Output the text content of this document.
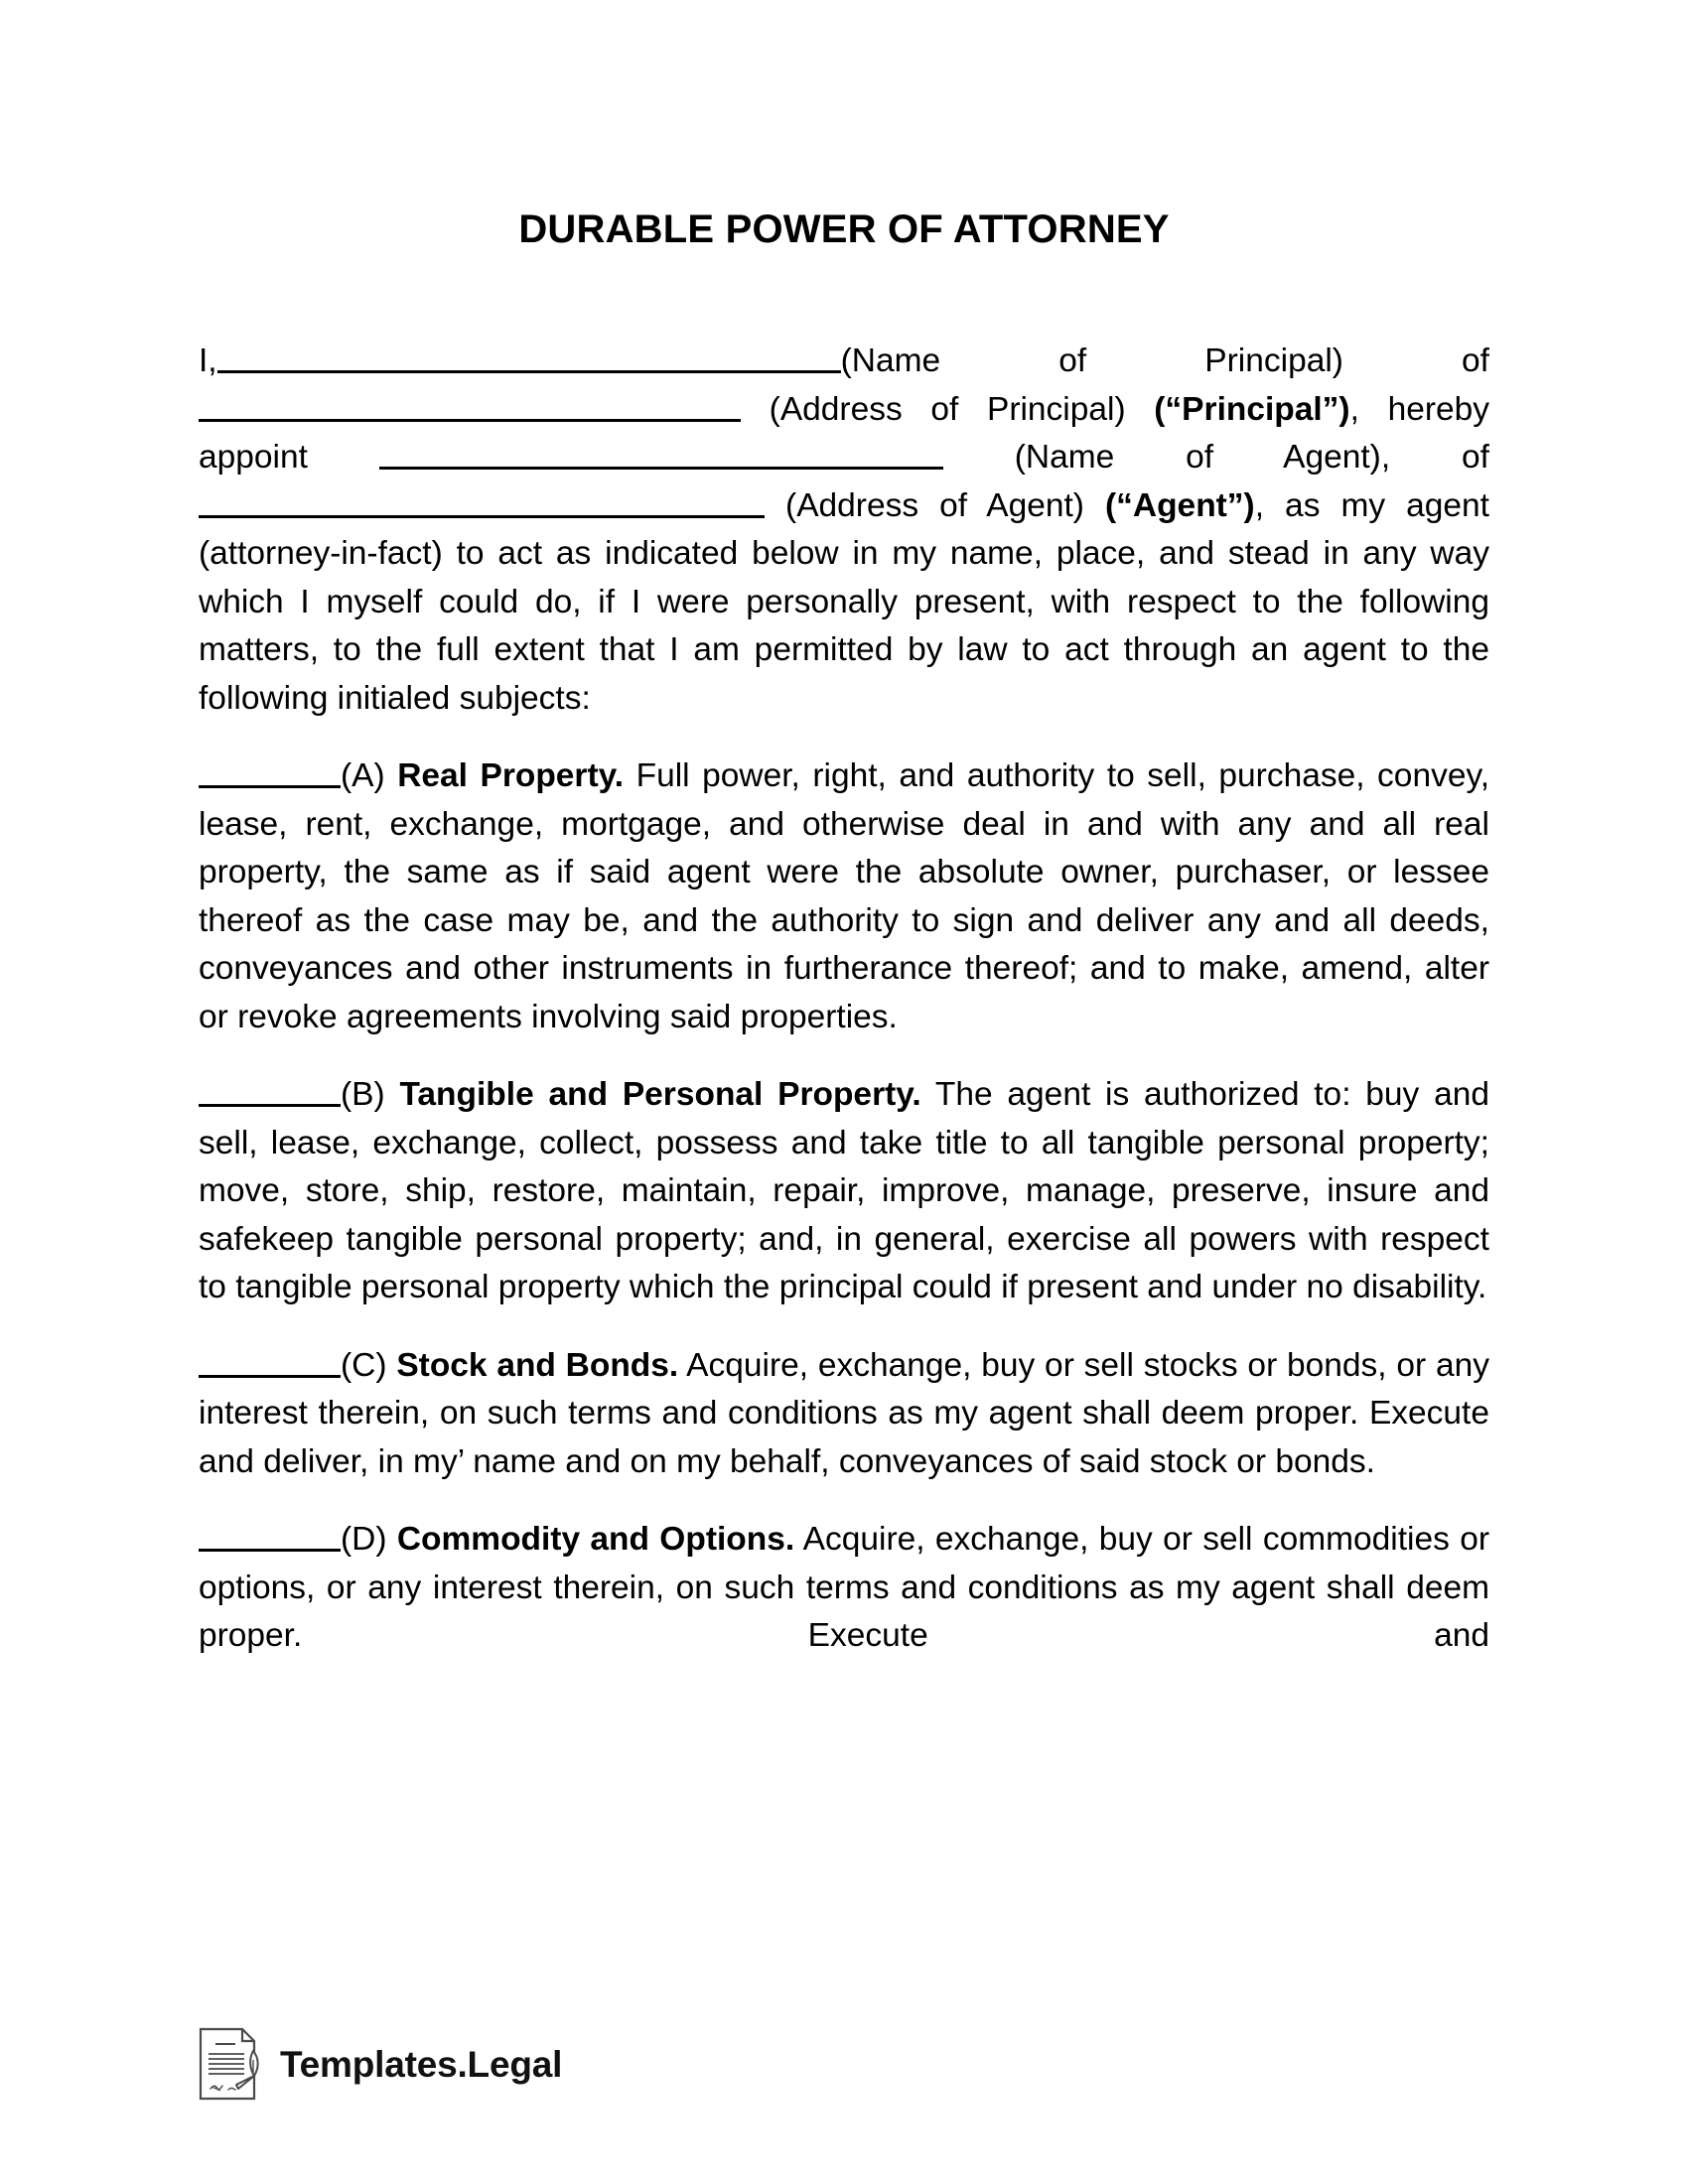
DURABLE POWER OF ATTORNEY

I,	(Name of Principal) of  (Address of Principal) (“Principal”), hereby appoint	(Name of Agent), of  (Address of Agent) (“Agent”), as my agent (attorney-in-fact) to act as indicated below in my name, place, and stead in any way which I myself could do, if I were personally present, with respect to the following matters, to the full extent that I am permitted by law to act through an agent to the following initialed subjects:

(A) Real Property. Full power, right, and authority to sell, purchase, convey, lease, rent, exchange, mortgage, and otherwise deal in and with any and all real property, the same as if said agent were the absolute owner, purchaser, or lessee thereof as the case may be, and the authority to sign and deliver any and all deeds, conveyances and other instruments in furtherance thereof; and to make, amend, alter or revoke agreements involving said properties.

(B) Tangible and Personal Property. The agent is authorized to: buy and sell, lease, exchange, collect, possess and take title to all tangible personal property; move, store, ship, restore, maintain, repair, improve, manage, preserve, insure and safekeep tangible personal property; and, in general, exercise all powers with respect to tangible personal property which the principal could if present and under no disability.

(C) Stock and Bonds. Acquire, exchange, buy or sell stocks or bonds, or any interest therein, on such terms and conditions as my agent shall deem proper. Execute and deliver, in my’ name and on my behalf, conveyances of said stock or bonds.

(D) Commodity and Options. Acquire, exchange, buy or sell commodities or options, or any interest therein, on such terms and conditions as my agent shall deem proper. Execute and

Templates.Legal
